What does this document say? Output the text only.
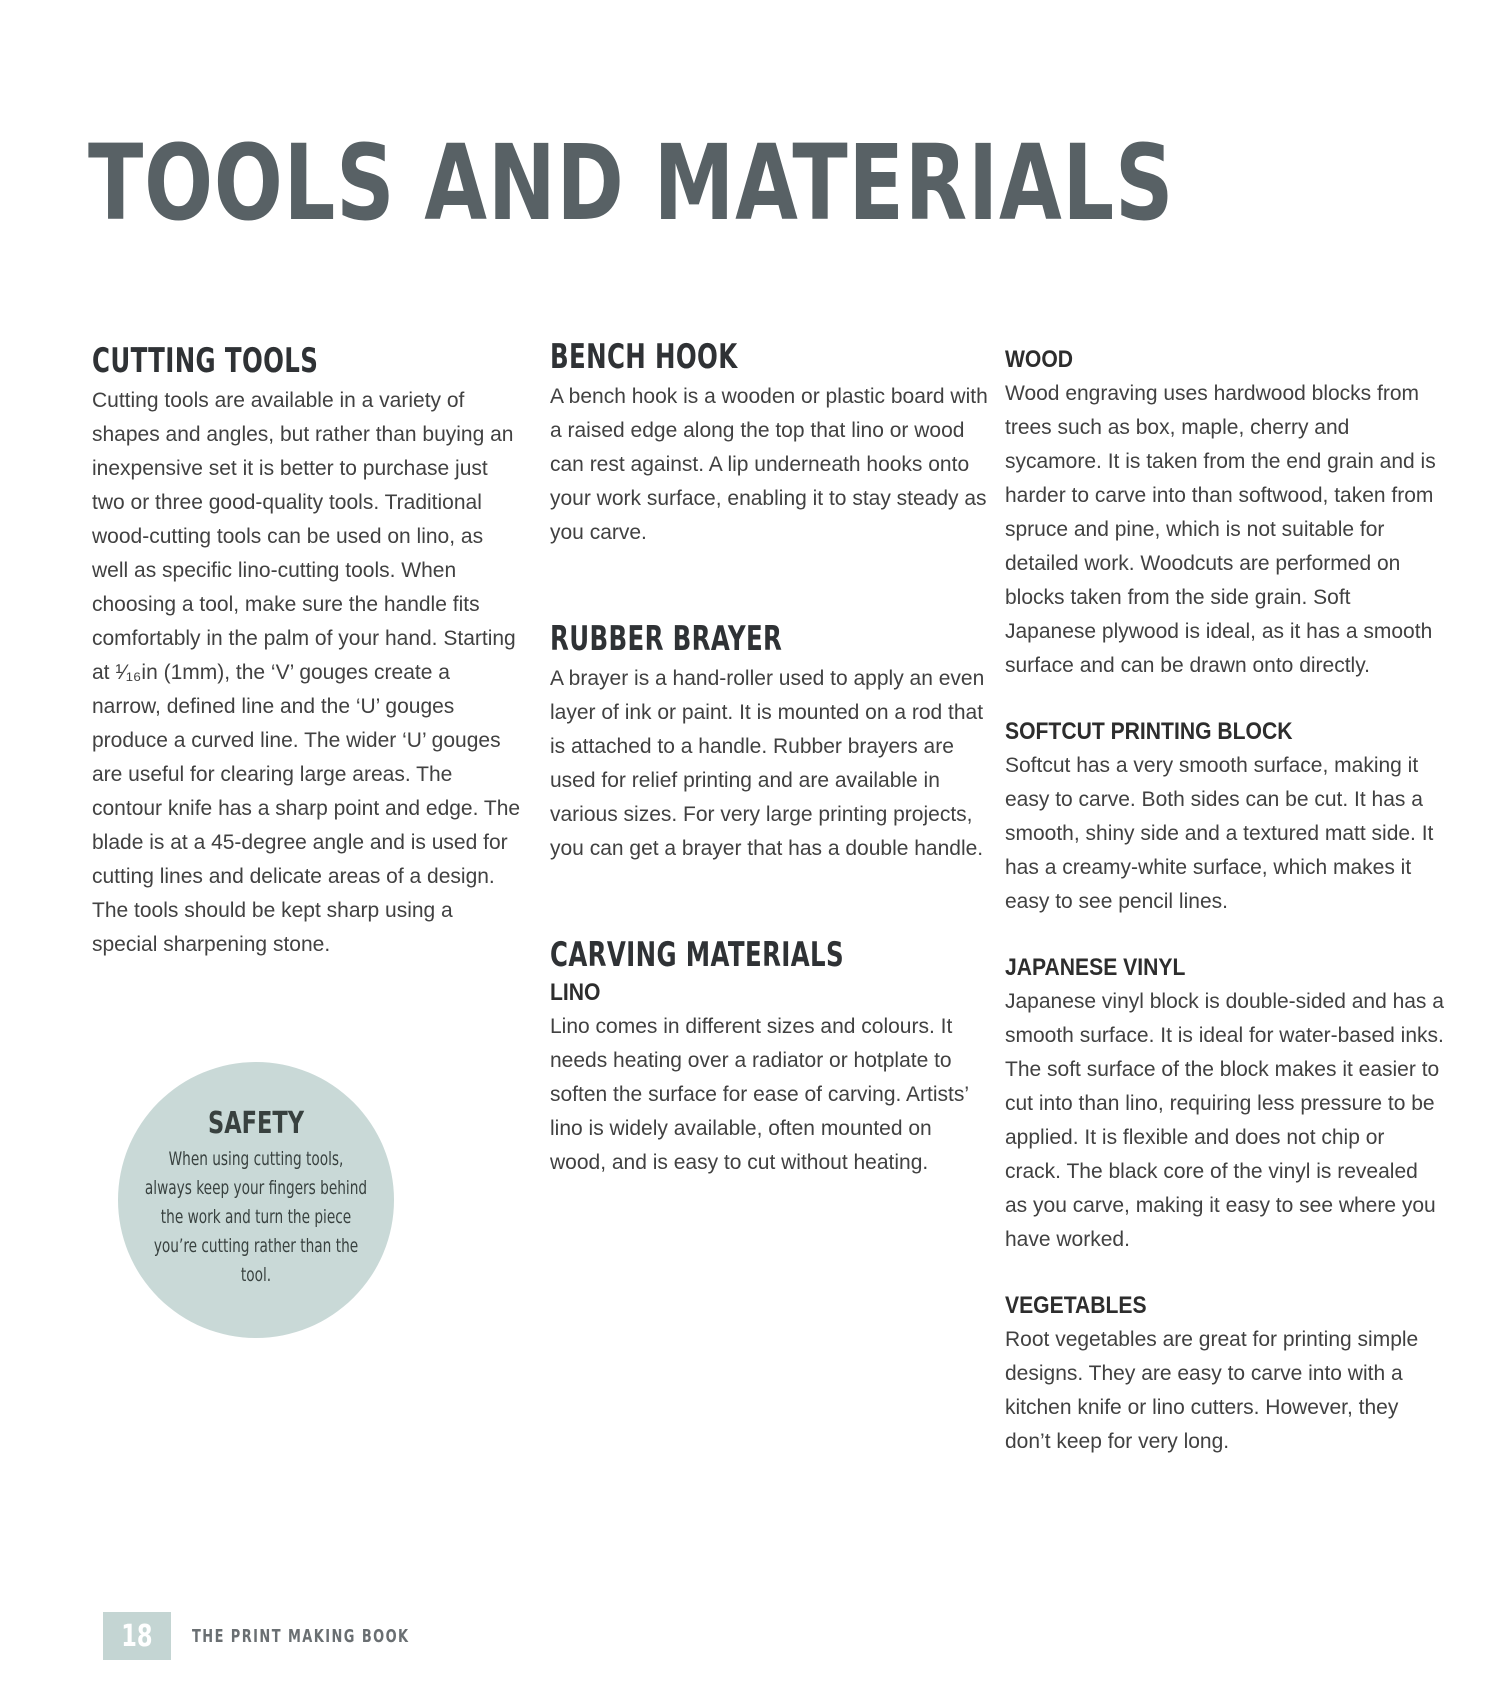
TOOLS AND MATERIALS
CUTTING TOOLS

Cutting tools are available in a variety of shapes and angles, but rather than buying an inexpensive set it is better to purchase just two or three good-quality tools. Traditional wood-cutting tools can be used on lino, as well as specific lino-cutting tools. When choosing a tool, make sure the handle fits comfortably in the palm of your hand. Starting at ¹⁄₁₆in (1mm), the ‘V’ gouges create a narrow, defined line and the ‘U’ gouges produce a curved line. The wider ‘U’ gouges are useful for clearing large areas. The contour knife has a sharp point and edge. The blade is at a 45-degree angle and is used for cutting lines and delicate areas of a design. The tools should be kept sharp using a special sharpening stone.

SAFETY
When using cutting tools, always keep your fingers behind the work and turn the piece you’re cutting rather than the tool.
BENCH HOOK

A bench hook is a wooden or plastic board with a raised edge along the top that lino or wood can rest against. A lip underneath hooks onto your work surface, enabling it to stay steady as you carve.

RUBBER BRAYER

A brayer is a hand-roller used to apply an even layer of ink or paint. It is mounted on a rod that is attached to a handle. Rubber brayers are used for relief printing and are available in various sizes. For very large printing projects, you can get a brayer that has a double handle.

CARVING MATERIALS
LINO

Lino comes in different sizes and colours. It needs heating over a radiator or hotplate to soften the surface for ease of carving. Artists’ lino is widely available, often mounted on wood, and is easy to cut without heating.

WOOD

Wood engraving uses hardwood blocks from trees such as box, maple, cherry and sycamore. It is taken from the end grain and is harder to carve into than softwood, taken from spruce and pine, which is not suitable for detailed work. Woodcuts are performed on blocks taken from the side grain. Soft Japanese plywood is ideal, as it has a smooth surface and can be drawn onto directly.

SOFTCUT PRINTING BLOCK

Softcut has a very smooth surface, making it easy to carve. Both sides can be cut. It has a smooth, shiny side and a textured matt side. It has a creamy-white surface, which makes it easy to see pencil lines.

JAPANESE VINYL

Japanese vinyl block is double-sided and has a smooth surface. It is ideal for water-based inks. The soft surface of the block makes it easier to cut into than lino, requiring less pressure to be applied. It is flexible and does not chip or crack. The black core of the vinyl is revealed as you carve, making it easy to see where you have worked.

VEGETABLES

Root vegetables are great for printing simple designs. They are easy to carve into with a kitchen knife or lino cutters. However, they don’t keep for very long.

18 THE PRINT MAKING BOOK
